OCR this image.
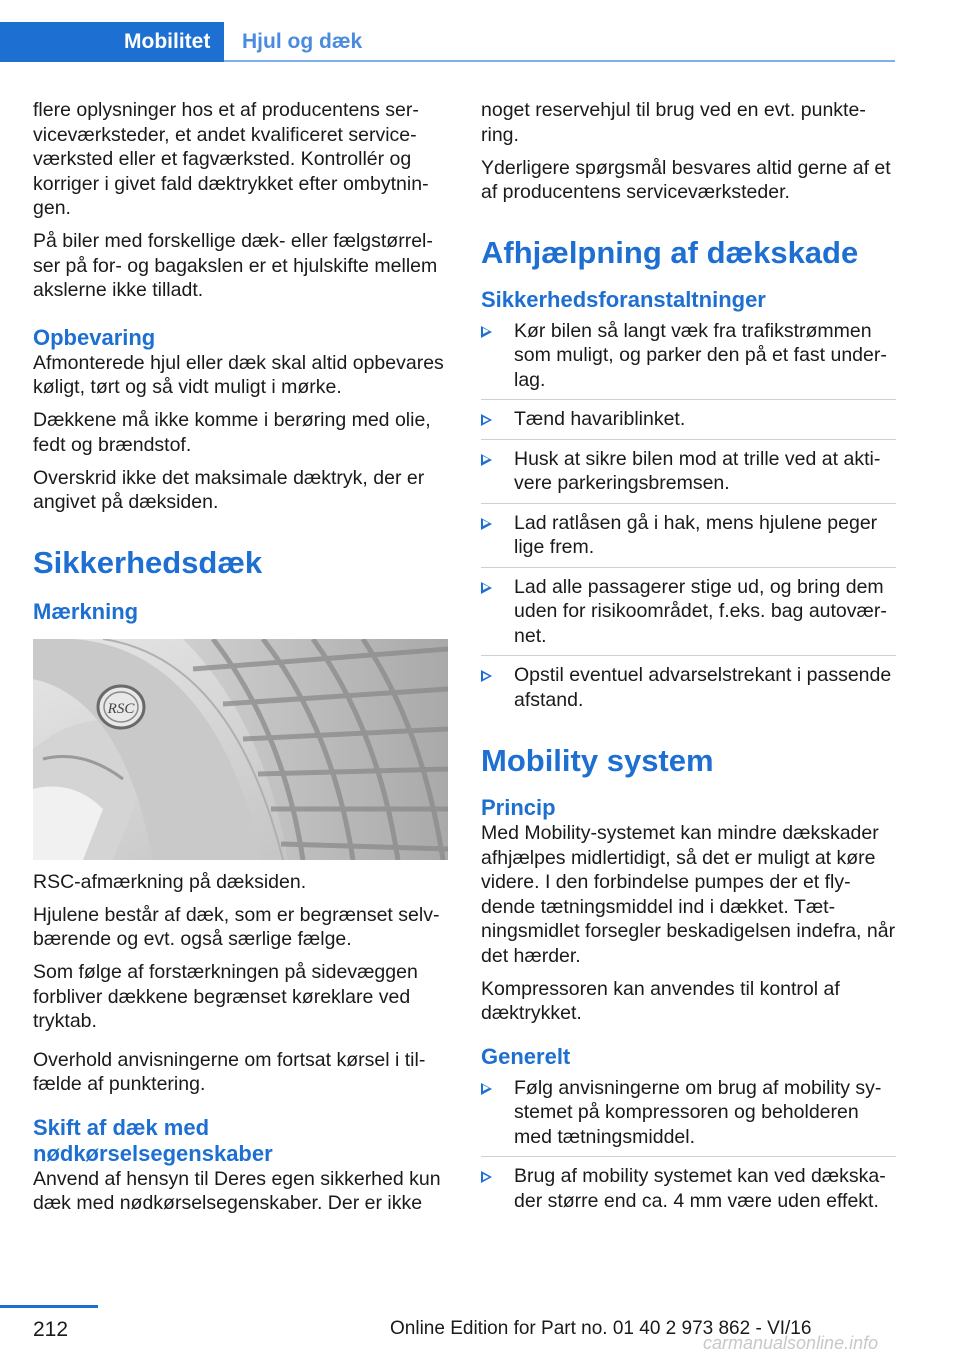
Mobilitet	Hjul og dæk

flere oplysninger hos et af producentens serviceværksteder, et andet kvalificeret serviceværksted eller et fagværksted. Kontrollér og korriger i givet fald dæktrykket efter ombytningen.

På biler med forskellige dæk- eller fælgstørrelser på for- og bagakslen er et hjulskifte mellem akslerne ikke tilladt.

Opbevaring

Afmonterede hjul eller dæk skal altid opbevares køligt, tørt og så vidt muligt i mørke.

Dækkene må ikke komme i berøring med olie, fedt og brændstof.

Overskrid ikke det maksimale dæktryk, der er angivet på dæksiden.

Sikkerhedsdæk
Mærkning
RSC

RSC-afmærkning på dæksiden.

Hjulene består af dæk, som er begrænset selvbærende og evt. også særlige fælge.

Som følge af forstærkningen på sidevæggen forbliver dækkene begrænset køreklare ved tryktab.

Overhold anvisningerne om fortsat kørsel i tilfælde af punktering.

Skift af dæk med nødkørselsegenskaber

Anvend af hensyn til Deres egen sikkerhed kun dæk med nødkørselsegenskaber. Der er ikke

noget reservehjul til brug ved en evt. punktering.

Yderligere spørgsmål besvares altid gerne af et af producentens serviceværksteder.

Afhjælpning af dækskade
Sikkerhedsforanstaltninger
Kør bilen så langt væk fra trafikstrømmen som muligt, og parker den på et fast underlag.
Tænd havariblinket.
Husk at sikre bilen mod at trille ved at aktivere parkeringsbremsen.
Lad ratlåsen gå i hak, mens hjulene peger lige frem.
Lad alle passagerer stige ud, og bring dem uden for risikoområdet, f.eks. bag autoværnet.
Opstil eventuel advarselstrekant i passende afstand.
Mobility system
Princip

Med Mobility-systemet kan mindre dækskader afhjælpes midlertidigt, så det er muligt at køre videre. I den forbindelse pumpes der et flydende tætningsmiddel ind i dækket. Tætningsmidlet forsegler beskadigelsen indefra, når det hærder.

Kompressoren kan anvendes til kontrol af dæktrykket.

Generelt
Følg anvisningerne om brug af mobility systemet på kompressoren og beholderen med tætningsmiddel.
Brug af mobility systemet kan ved dækskader større end ca. 4 mm være uden effekt.
212	Online Edition for Part no. 01 40 2 973 862 - VI/16
carmanualsonline.info
